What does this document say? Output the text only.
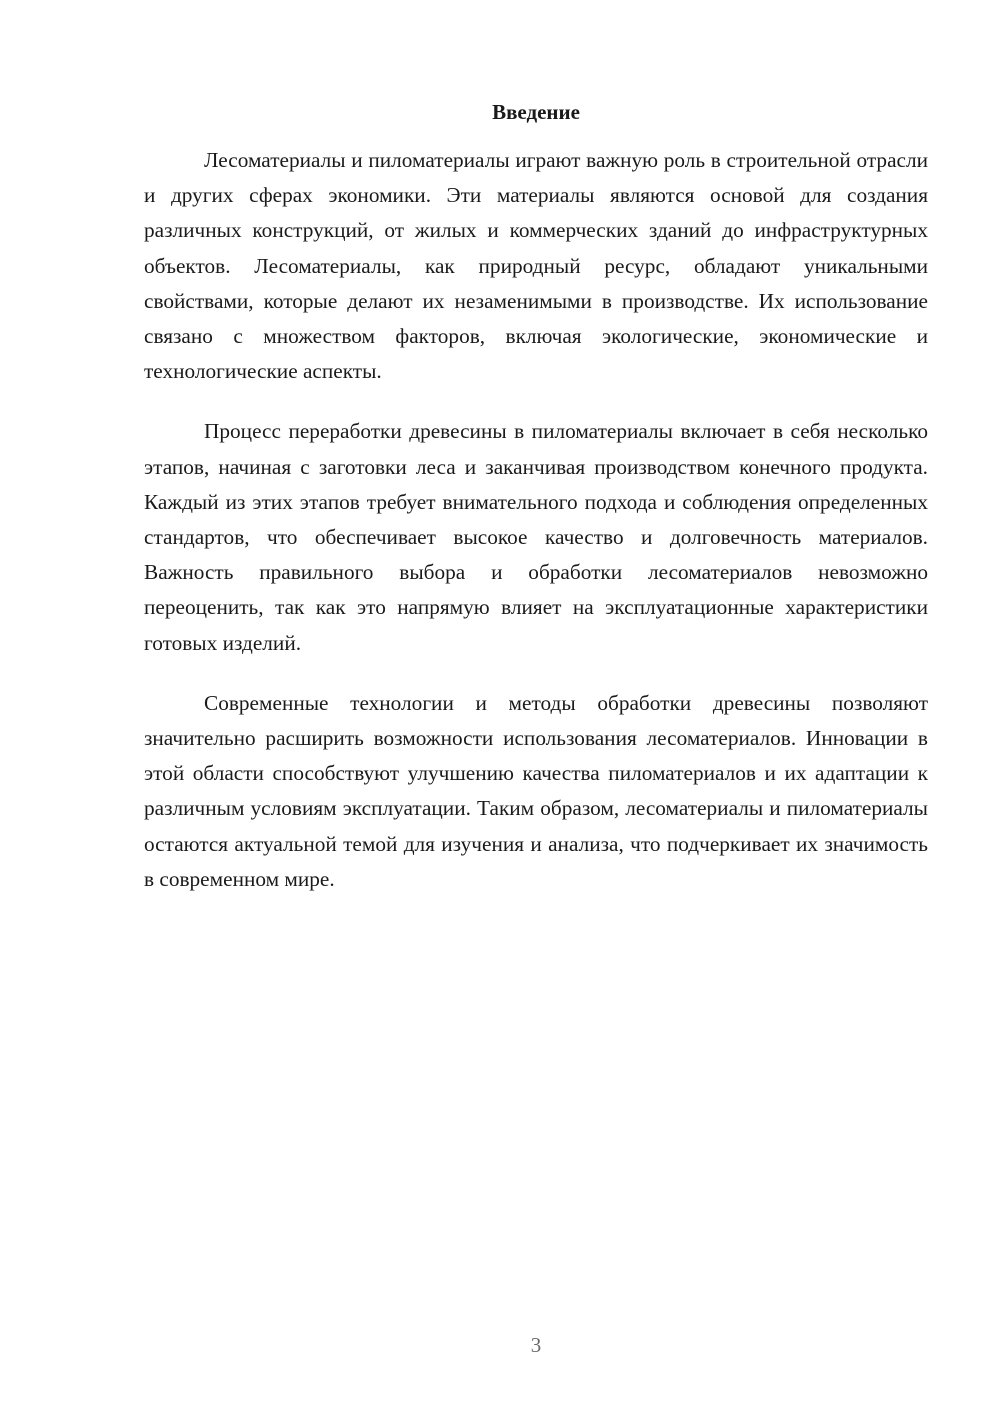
Введение

Лесоматериалы и пиломатериалы играют важную роль в строительной отрасли и других сферах экономики. Эти материалы являются основой для создания различных конструкций, от жилых и коммерческих зданий до инфраструктурных объектов. Лесоматериалы, как природный ресурс, обладают уникальными свойствами, которые делают их незаменимыми в производстве. Их использование связано с множеством факторов, включая экологические, экономические и технологические аспекты.

Процесс переработки древесины в пиломатериалы включает в себя несколько этапов, начиная с заготовки леса и заканчивая производством конечного продукта. Каждый из этих этапов требует внимательного подхода и соблюдения определенных стандартов, что обеспечивает высокое качество и долговечность материалов. Важность правильного выбора и обработки лесоматериалов невозможно переоценить, так как это напрямую влияет на эксплуатационные характеристики готовых изделий.

Современные технологии и методы обработки древесины позволяют значительно расширить возможности использования лесоматериалов. Инновации в этой области способствуют улучшению качества пиломатериалов и их адаптации к различным условиям эксплуатации. Таким образом, лесоматериалы и пиломатериалы остаются актуальной темой для изучения и анализа, что подчеркивает их значимость в современном мире.

3
